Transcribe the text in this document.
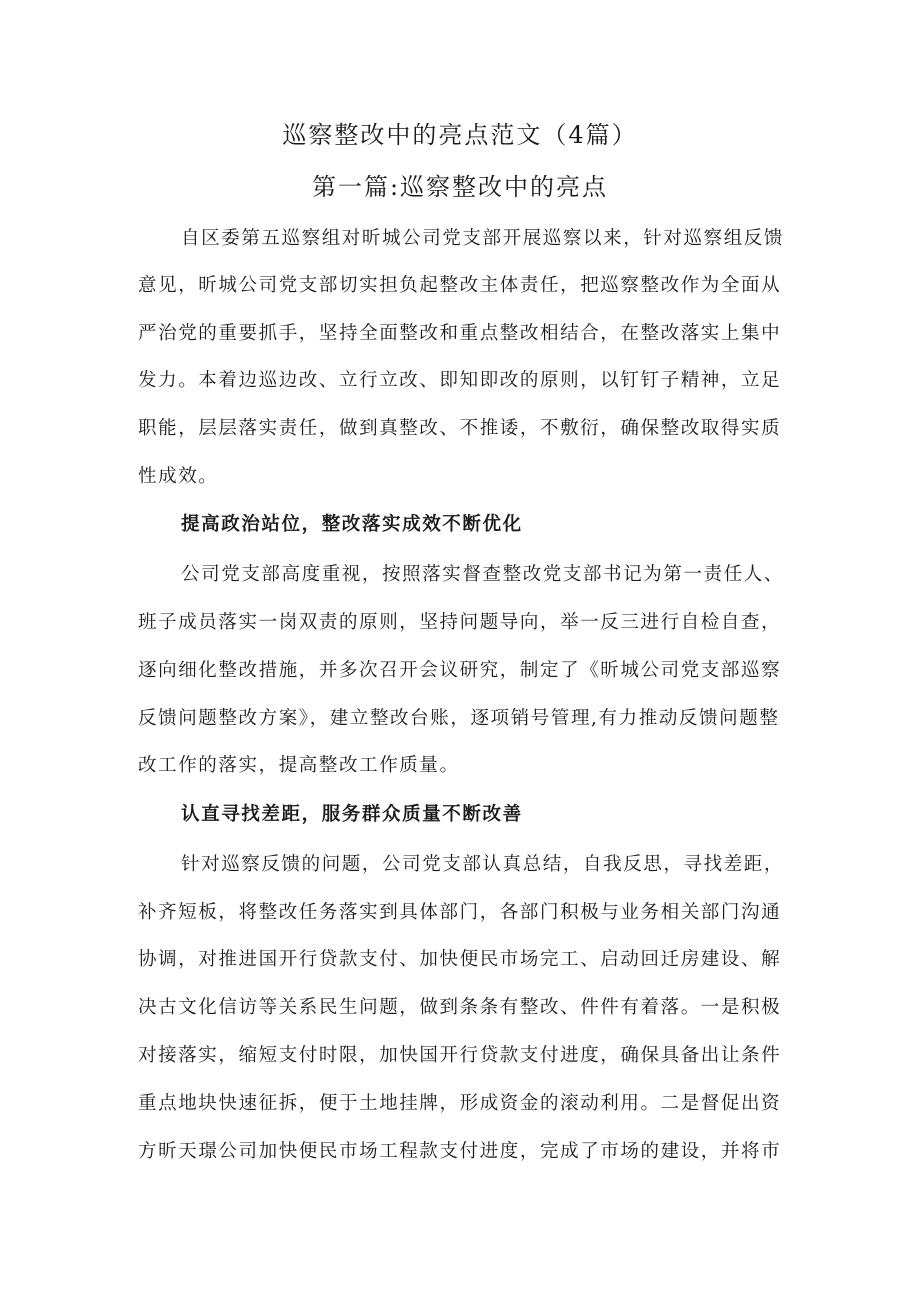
巡察整改中的亮点范文（4篇）
第一篇:巡察整改中的亮点
自区委第五巡察组对昕城公司党支部开展巡察以来，针对巡察组反馈
意见，昕城公司党支部切实担负起整改主体责任，把巡察整改作为全面从
严治党的重要抓手，坚持全面整改和重点整改相结合，在整改落实上集中
发力。本着边巡边改、立行立改、即知即改的原则，以钉钉子精神，立足
职能，层层落实责任，做到真整改、不推诿，不敷衍，确保整改取得实质
性成效。
提高政治站位，整改落实成效不断优化
公司党支部高度重视，按照落实督查整改党支部书记为第一责任人、
班子成员落实一岗双责的原则，坚持问题导向，举一反三进行自检自查，
逐向细化整改措施，并多次召开会议研究，制定了《昕城公司党支部巡察
反馈问题整改方案》，建立整改台账，逐项销号管理,有力推动反馈问题整
改工作的落实，提高整改工作质量。
认直寻找差距，服务群众质量不断改善
针对巡察反馈的问题，公司党支部认真总结，自我反思，寻找差距，
补齐短板，将整改任务落实到具体部门，各部门积极与业务相关部门沟通
协调，对推进国开行贷款支付、加快便民市场完工、启动回迁房建设、解
决古文化信访等关系民生问题，做到条条有整改、件件有着落。一是积极
对接落实，缩短支付时限，加快国开行贷款支付进度，确保具备出让条件
重点地块快速征拆，便于土地挂牌，形成资金的滚动利用。二是督促出资
方昕天璟公司加快便民市场工程款支付进度，完成了市场的建设，并将市
